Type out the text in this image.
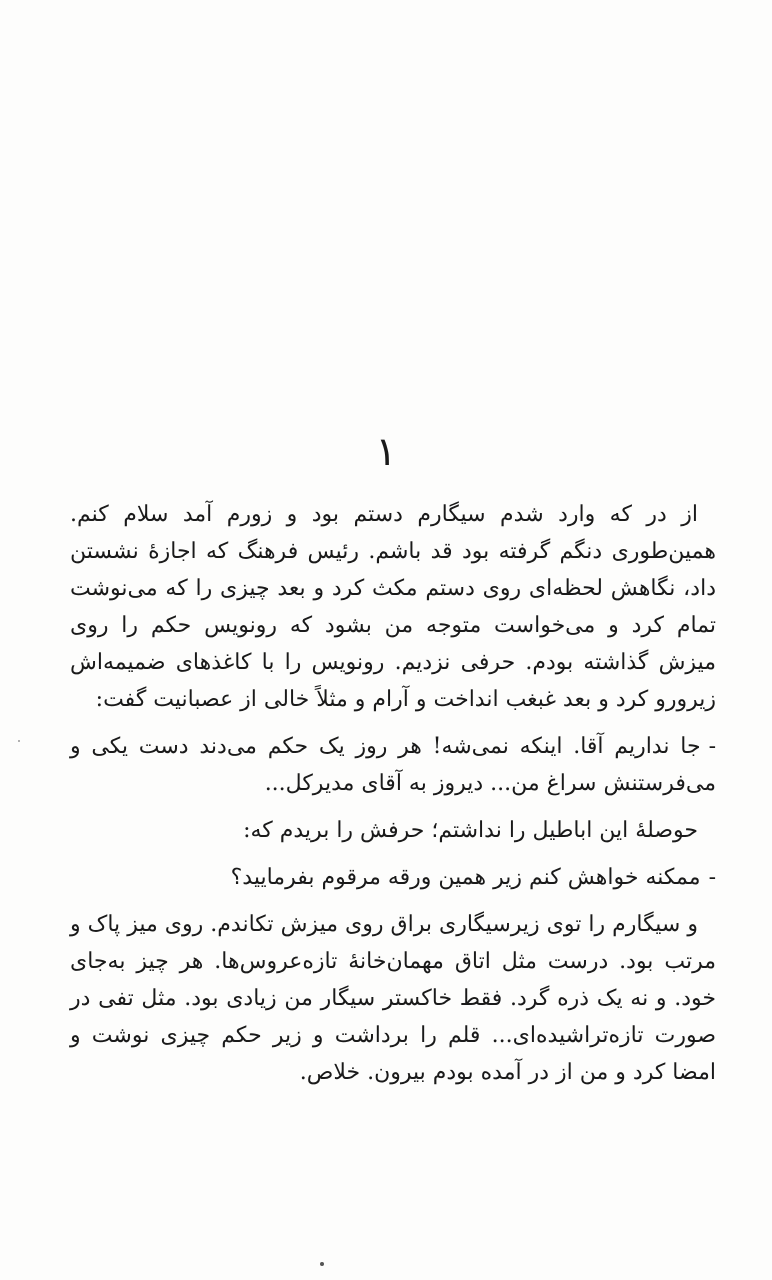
۱

از در که وارد شدم سیگارم دستم بود و زورم آمد سلام کنم. همین‌طوری دنگم گرفته بود قد باشم. رئیس فرهنگ که اجازهٔ نشستن داد، نگاهش لحظه‌ای روی دستم مکث کرد و بعد چیزی را که می‌نوشت تمام کرد و می‌خواست متوجه من بشود که رونویس حکم را روی میزش گذاشته بودم. حرفی نزدیم. رونویس را با کاغذهای ضمیمه‌اش زیرورو کرد و بعد غبغب انداخت و آرام و مثلاً خالی از عصبانیت گفت:

-جا نداریم آقا. اینکه نمی‌شه! هر روز یک حکم می‌دند دست یکی و می‌فرستنش سراغ من... دیروز به آقای مدیرکل...

حوصلهٔ این اباطیل را نداشتم؛ حرفش را بریدم که:

-ممکنه خواهش کنم زیر همین ورقه مرقوم بفرمایید؟

و سیگارم را توی زیرسیگاری براق روی میزش تکاندم. روی میز پاک و مرتب بود. درست مثل اتاق مهمان‌خانهٔ تازه‌عروس‌ها. هر چیز به‌جای خود. و نه یک ذره گرد. فقط خاکستر سیگار من زیادی بود. مثل تفی در صورت تازه‌تراشیده‌ای... قلم را برداشت و زیر حکم چیزی نوشت و امضا کرد و من از در آمده بودم بیرون. خلاص.
